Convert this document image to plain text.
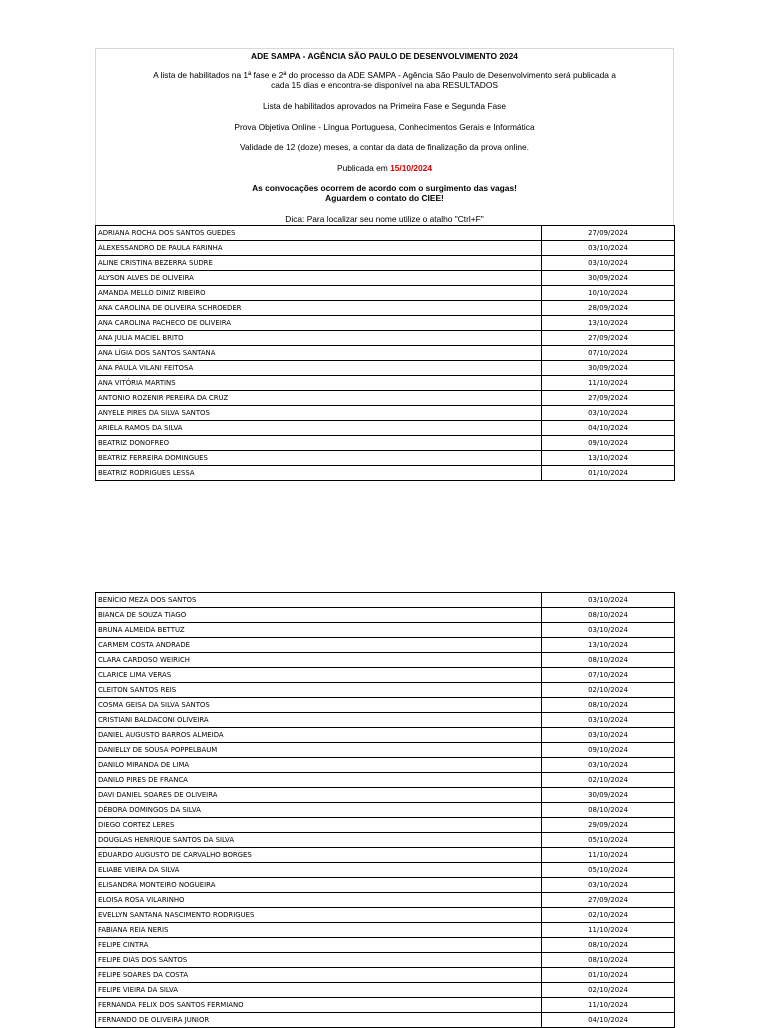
ADE SAMPA - AGÊNCIA SÃO PAULO DE DESENVOLVIMENTO 2024

A lista de habilitados na 1ª fase e 2ª do processo da ADE SAMPA - Agência São Paulo de Desenvolvimento será publicada a
cada 15 dias e encontra-se disponível na aba RESULTADOS

Lista de habilitados aprovados na Primeira Fase e Segunda Fase

Prova Objetiva Online - Língua Portuguesa, Conhecimentos Gerais e Informática

Validade de 12 (doze) meses, a contar da data de finalização da prova online.

Publicada em 15/10/2024

As convocações ocorrem de acordo com o surgimento das vagas!
Aguardem o contato do CIEE!

Dica: Para localizar seu nome utilize o atalho "Ctrl+F"

ADRIANA ROCHA DOS SANTOS GUEDES	27/09/2024
ALEXESSANDRO DE PAULA FARINHA	03/10/2024
ALINE CRISTINA BEZERRA SUDRE	03/10/2024
ALYSON ALVES DE OLIVEIRA	30/09/2024
AMANDA MELLO DINIZ RIBEIRO	10/10/2024
ANA CAROLINA DE OLIVEIRA SCHROEDER	28/09/2024
ANA CAROLINA PACHECO DE OLIVEIRA	13/10/2024
ANA JULIA MACIEL BRITO	27/09/2024
ANA LÍGIA DOS SANTOS SANTANA	07/10/2024
ANA PAULA VILANI FEITOSA	30/09/2024
ANA VITÓRIA MARTINS	11/10/2024
ANTONIO ROZENIR PEREIRA DA CRUZ	27/09/2024
ANYELE PIRES DA SILVA SANTOS	03/10/2024
ARIELA RAMOS DA SILVA	04/10/2024
BEATRIZ DONOFREO	09/10/2024
BEATRIZ FERREIRA DOMINGUES	13/10/2024
BEATRIZ RODRIGUES LESSA	01/10/2024
BENÍCIO MEZA DOS SANTOS	03/10/2024
BIANCA DE SOUZA TIAGO	08/10/2024
BRUNA ALMEIDA BETTUZ	03/10/2024
CARMEM COSTA ANDRADE	13/10/2024
CLARA CARDOSO WEIRICH	08/10/2024
CLARICE LIMA VERAS	07/10/2024
CLEITON SANTOS REIS	02/10/2024
COSMA GEISA DA SILVA SANTOS	08/10/2024
CRISTIANI BALDACONI OLIVEIRA	03/10/2024
DANIEL AUGUSTO BARROS ALMEIDA	03/10/2024
DANIELLY DE SOUSA POPPELBAUM	09/10/2024
DANILO MIRANDA DE LIMA	03/10/2024
DANILO PIRES DE FRANCA	02/10/2024
DAVI DANIEL SOARES DE OLIVEIRA	30/09/2024
DÉBORA DOMINGOS DA SILVA	08/10/2024
DIEGO CORTEZ LERES	29/09/2024
DOUGLAS HENRIQUE SANTOS DA SILVA	05/10/2024
EDUARDO AUGUSTO DE CARVALHO BORGES	11/10/2024
ELIABE VIEIRA DA SILVA	05/10/2024
ELISANDRA MONTEIRO NOGUEIRA	03/10/2024
ELOISA ROSA VILARINHO	27/09/2024
EVELLYN SANTANA NASCIMENTO RODRIGUES	02/10/2024
FABIANA REIA NERIS	11/10/2024
FELIPE CINTRA	08/10/2024
FELIPE DIAS DOS SANTOS	08/10/2024
FELIPE SOARES DA COSTA	01/10/2024
FELIPE VIEIRA DA SILVA	02/10/2024
FERNANDA FELIX DOS SANTOS FERMIANO	11/10/2024
FERNANDO DE OLIVEIRA JUNIOR	04/10/2024
